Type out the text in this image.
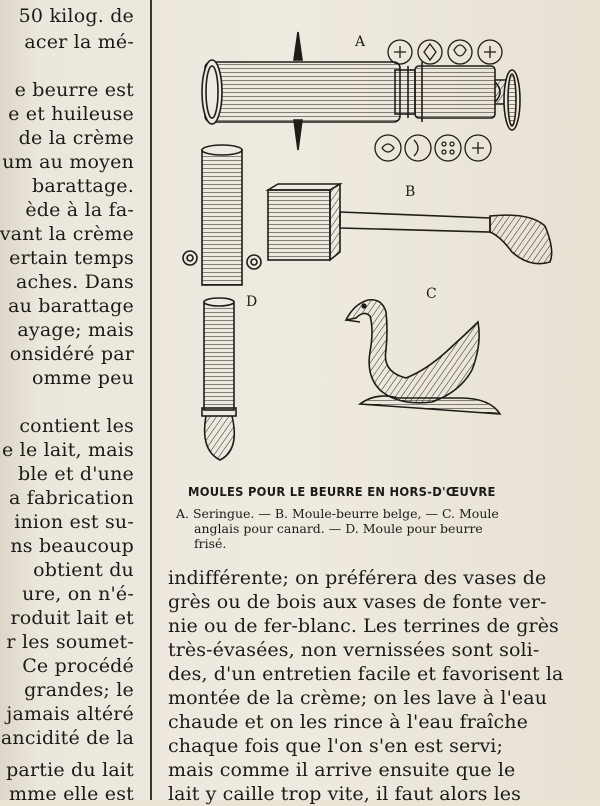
50 kilog. de
acer la mé-
e beurre est
e et huileuse
de la crème
um au moyen
barattage.
ède à la fa-
vant la crème
ertain temps
aches. Dans
au barattage
ayage; mais
onsidéré par
omme peu
contient les
e le lait, mais
ble et d'une
a fabrication
inion est su-
ns beaucoup
obtient du
ure, on n'é-
roduit lait et
r les soumet-
Ce procédé
grandes; le
jamais altéré
ancidité de la
partie du lait
mme elle est
A
B
C
D
MOULES POUR LE BEURRE EN HORS-D'ŒUVRE
A. Seringue. — B. Moule-beurre belge, — C. Moule
anglais pour canard. — D. Moule pour beurre
frisé.
indifférente; on préférera des vases de
grès ou de bois aux vases de fonte ver-
nie ou de fer-blanc. Les terrines de grès
très-évasées, non vernissées sont soli-
des, d'un entretien facile et favorisent la
montée de la crème; on les lave à l'eau
chaude et on les rince à l'eau fraîche
chaque fois que l'on s'en est servi;
mais comme il arrive ensuite que le
lait y caille trop vite, il faut alors les
